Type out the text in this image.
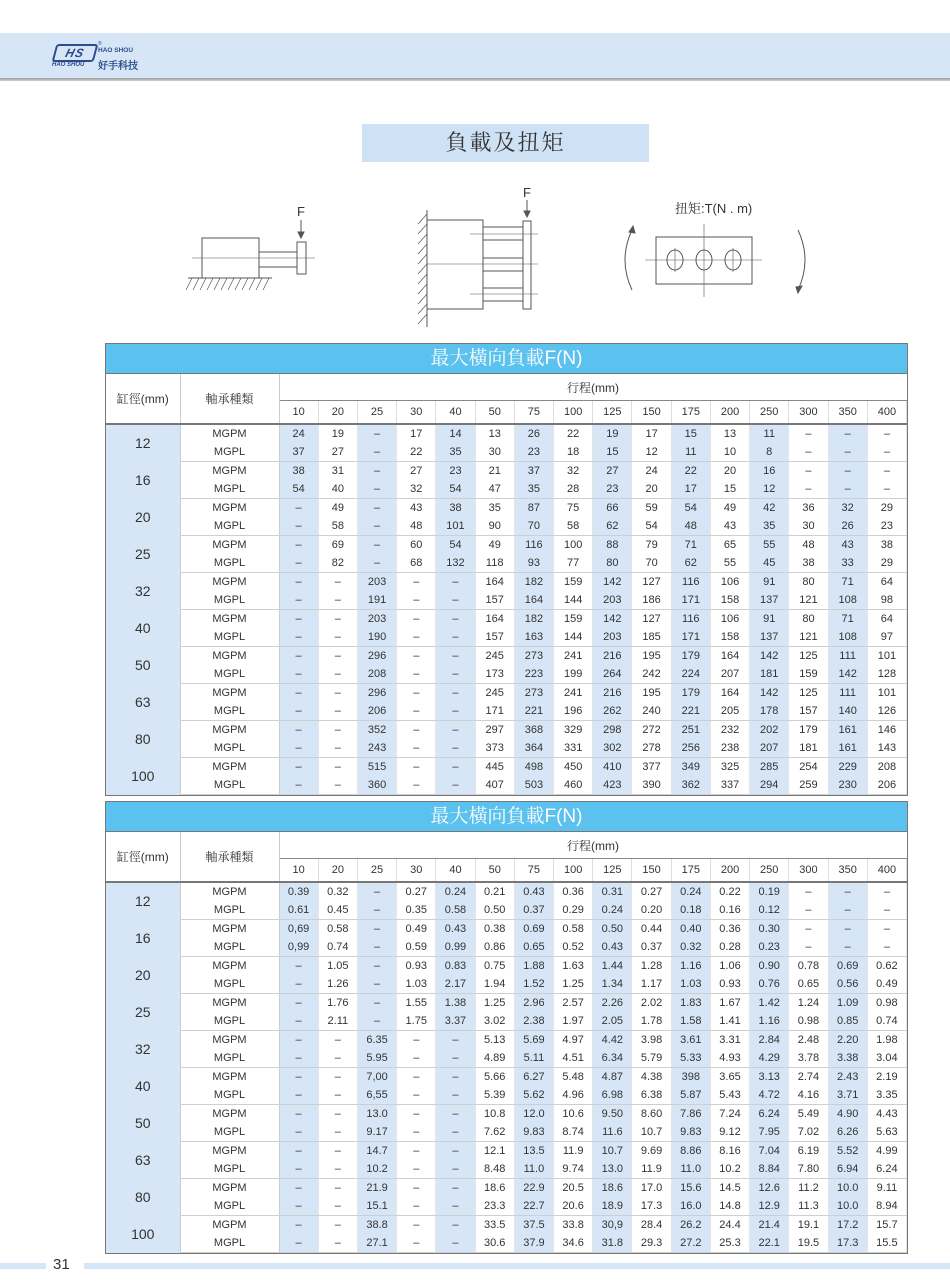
HS
HAO SHOU
®
HAO SHOU
好手科技
負載及扭矩
F
F
扭矩:T(N . m)
最大橫向負載F(N)
缸徑(mm)	軸承種類	行程(mm)															
		10	20	25	30	40	50	75	100	125	150	175	200	250	300	350	400
12	MGPM	24	19	–	17	14	13	26	22	19	17	15	13	11	–	–	–
	MGPL	37	27	–	22	35	30	23	18	15	12	11	10	8	–	–	–
16	MGPM	38	31	–	27	23	21	37	32	27	24	22	20	16	–	–	–
	MGPL	54	40	–	32	54	47	35	28	23	20	17	15	12	–	–	–
20	MGPM	–	49	–	43	38	35	87	75	66	59	54	49	42	36	32	29
	MGPL	–	58	–	48	101	90	70	58	62	54	48	43	35	30	26	23
25	MGPM	–	69	–	60	54	49	116	100	88	79	71	65	55	48	43	38
	MGPL	–	82	–	68	132	118	93	77	80	70	62	55	45	38	33	29
32	MGPM	–	–	203	–	–	164	182	159	142	127	116	106	91	80	71	64
	MGPL	–	–	191	–	–	157	164	144	203	186	171	158	137	121	108	98
40	MGPM	–	–	203	–	–	164	182	159	142	127	116	106	91	80	71	64
	MGPL	–	–	190	–	–	157	163	144	203	185	171	158	137	121	108	97
50	MGPM	–	–	296	–	–	245	273	241	216	195	179	164	142	125	111	101
	MGPL	–	–	208	–	–	173	223	199	264	242	224	207	181	159	142	128
63	MGPM	–	–	296	–	–	245	273	241	216	195	179	164	142	125	111	101
	MGPL	–	–	206	–	–	171	221	196	262	240	221	205	178	157	140	126
80	MGPM	–	–	352	–	–	297	368	329	298	272	251	232	202	179	161	146
	MGPL	–	–	243	–	–	373	364	331	302	278	256	238	207	181	161	143
100	MGPM	–	–	515	–	–	445	498	450	410	377	349	325	285	254	229	208
	MGPL	–	–	360	–	–	407	503	460	423	390	362	337	294	259	230	206
最大橫向負載F(N)
缸徑(mm)	軸承種類	行程(mm)															
		10	20	25	30	40	50	75	100	125	150	175	200	250	300	350	400
12	MGPM	0.39	0.32	–	0.27	0.24	0.21	0.43	0.36	0.31	0.27	0.24	0.22	0.19	–	–	–
	MGPL	0.61	0.45	–	0.35	0.58	0.50	0.37	0.29	0.24	0.20	0.18	0.16	0.12	–	–	–
16	MGPM	0,69	0.58	–	0.49	0.43	0.38	0.69	0.58	0.50	0.44	0.40	0.36	0.30	–	–	–
	MGPL	0,99	0.74	–	0.59	0.99	0.86	0.65	0.52	0.43	0.37	0.32	0.28	0.23	–	–	–
20	MGPM	–	1.05	–	0.93	0.83	0.75	1.88	1.63	1.44	1.28	1.16	1.06	0.90	0.78	0.69	0.62
	MGPL	–	1.26	–	1.03	2.17	1.94	1.52	1.25	1.34	1.17	1.03	0.93	0.76	0.65	0.56	0.49
25	MGPM	–	1.76	–	1.55	1.38	1.25	2.96	2.57	2.26	2.02	1.83	1.67	1.42	1.24	1.09	0.98
	MGPL	–	2.11	–	1.75	3.37	3.02	2.38	1.97	2.05	1.78	1.58	1.41	1.16	0.98	0.85	0.74
32	MGPM	–	–	6.35	–	–	5.13	5.69	4.97	4.42	3.98	3.61	3.31	2.84	2.48	2.20	1.98
	MGPL	–	–	5.95	–	–	4.89	5.11	4.51	6.34	5.79	5.33	4.93	4.29	3.78	3.38	3.04
40	MGPM	–	–	7,00	–	–	5.66	6.27	5.48	4.87	4.38	398	3.65	3.13	2.74	2.43	2.19
	MGPL	–	–	6,55	–	–	5.39	5.62	4.96	6.98	6.38	5.87	5.43	4.72	4.16	3.71	3.35
50	MGPM	–	–	13.0	–	–	10.8	12.0	10.6	9.50	8.60	7.86	7.24	6.24	5.49	4.90	4.43
	MGPL	–	–	9.17	–	–	7.62	9.83	8.74	11.6	10.7	9.83	9.12	7.95	7.02	6.26	5.63
63	MGPM	–	–	14.7	–	–	12.1	13.5	11.9	10.7	9.69	8.86	8.16	7.04	6.19	5.52	4.99
	MGPL	–	–	10.2	–	–	8.48	11.0	9.74	13.0	11.9	11.0	10.2	8.84	7.80	6.94	6.24
80	MGPM	–	–	21.9	–	–	18.6	22.9	20.5	18.6	17.0	15.6	14.5	12.6	11.2	10.0	9.11
	MGPL	–	–	15.1	–	–	23.3	22.7	20.6	18.9	17.3	16.0	14.8	12.9	11.3	10.0	8.94
100	MGPM	–	–	38.8	–	–	33.5	37.5	33.8	30,9	28.4	26.2	24.4	21.4	19.1	17.2	15.7
	MGPL	–	–	27.1	–	–	30.6	37.9	34.6	31.8	29.3	27.2	25.3	22.1	19.5	17.3	15.5
31
